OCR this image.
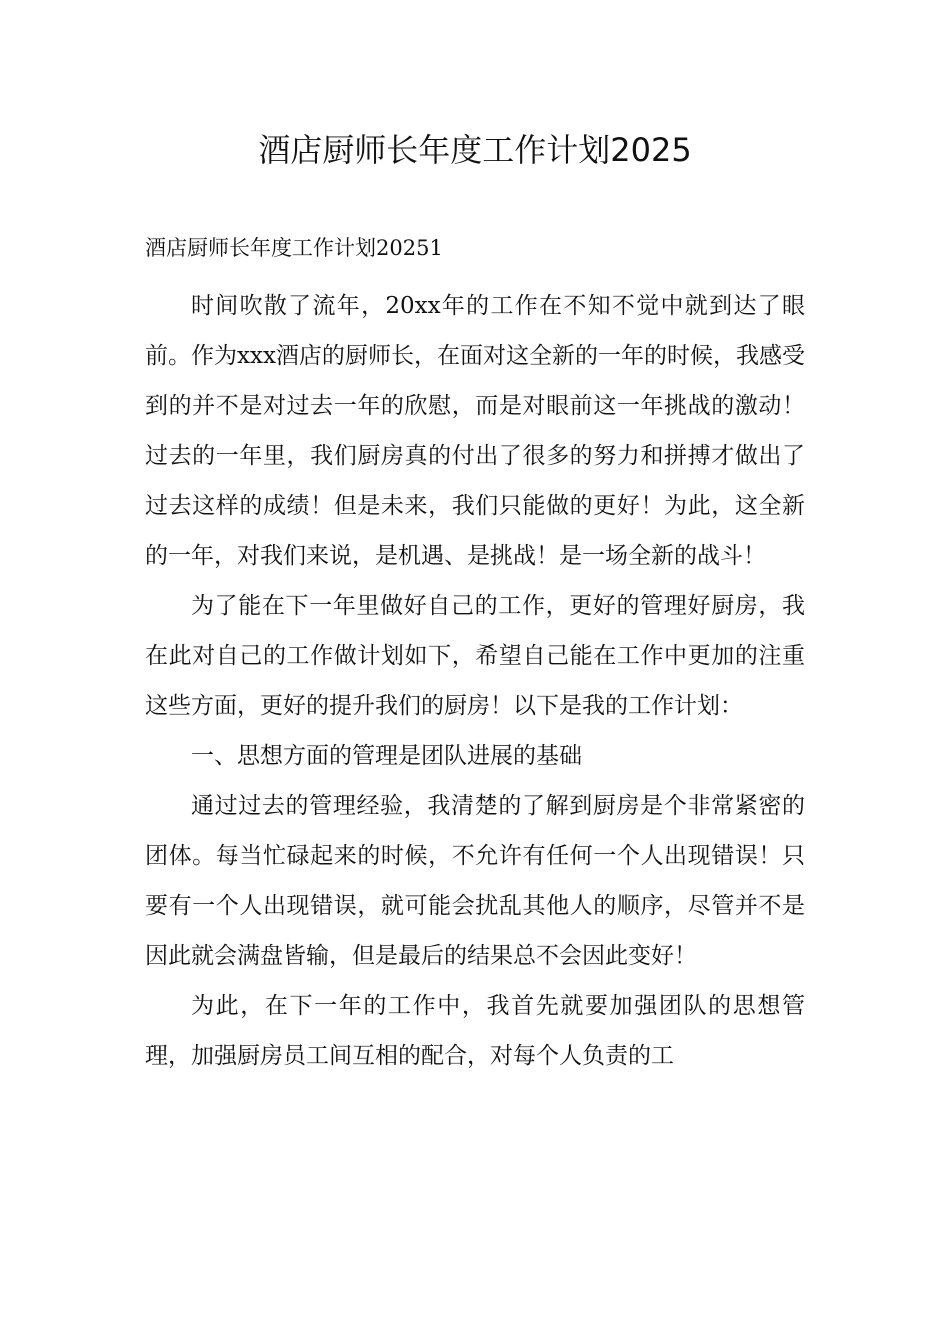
酒店厨师长年度工作计划2025
酒店厨师长年度工作计划20251

时间吹散了流年，20xx年的工作在不知不觉中就到达了眼前。作为xxx酒店的厨师长，在面对这全新的一年的时候，我感受到的并不是对过去一年的欣慰，而是对眼前这一年挑战的激动！过去的一年里，我们厨房真的付出了很多的努力和拼搏才做出了过去这样的成绩！但是未来，我们只能做的更好！为此，这全新的一年，对我们来说，是机遇、是挑战！是一场全新的战斗！

为了能在下一年里做好自己的工作，更好的管理好厨房，我在此对自己的工作做计划如下，希望自己能在工作中更加的注重这些方面，更好的提升我们的厨房！以下是我的工作计划：

一、思想方面的管理是团队进展的基础

通过过去的管理经验，我清楚的了解到厨房是个非常紧密的团体。每当忙碌起来的时候，不允许有任何一个人出现错误！只要有一个人出现错误，就可能会扰乱其他人的顺序，尽管并不是因此就会满盘皆输，但是最后的结果总不会因此变好！

为此，在下一年的工作中，我首先就要加强团队的思想管理，加强厨房员工间互相的配合，对每个人负责的工
